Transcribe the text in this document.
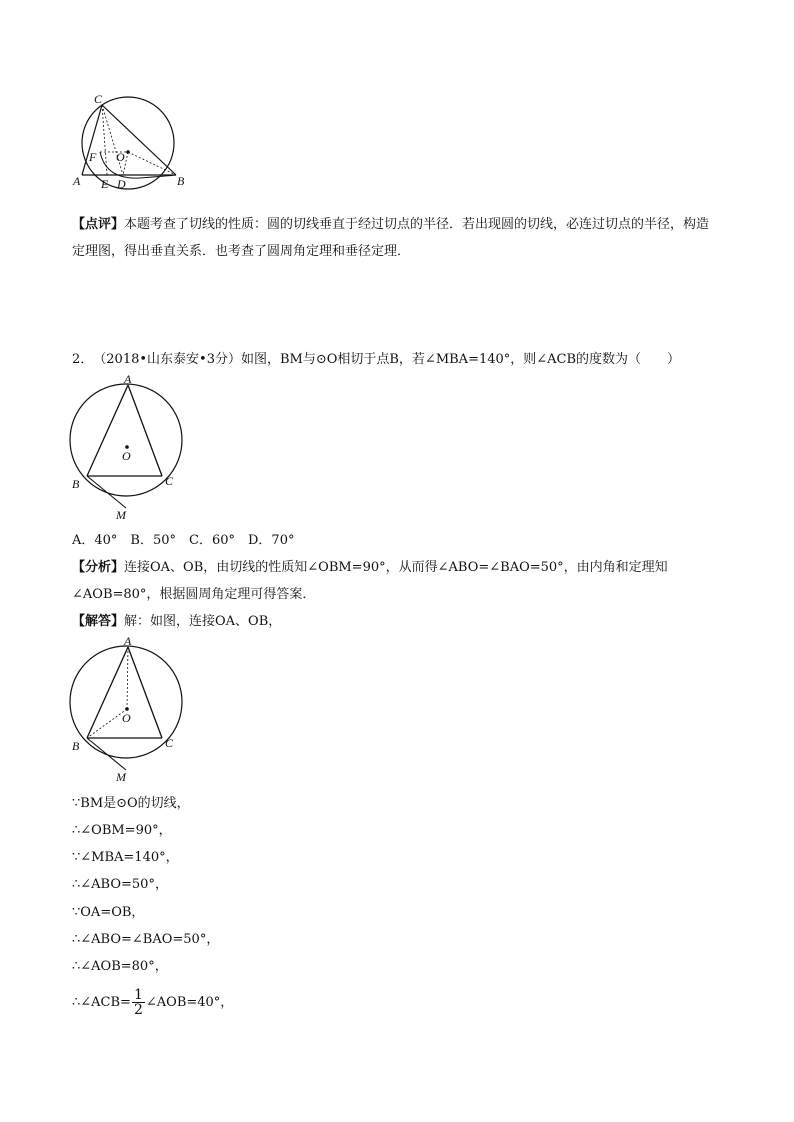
C
F O
A E D	B
【点评】本题考查了切线的性质：圆的切线垂直于经过切点的半径．若出现圆的切线，必连过切点的半径，构造定理图，得出垂直关系．也考查了圆周角定理和垂径定理．
2．　（2018•山东泰安•3分）如图，BM与⊙O相切于点B，若∠MBA=140°，则∠ACB的度数为（　　）
A
O
B	C
M
A．40°　B．50°　C．60°　D．70°
【分析】连接OA、OB，由切线的性质知∠OBM=90°，从而得∠ABO=∠BAO=50°，由内角和定理知∠AOB=80°，根据圆周角定理可得答案．
【解答】解：如图，连接OA、OB，
A
O
B	C
M
∵BM是⊙O的切线，
∴∠OBM=90°，
∵∠MBA=140°，
∴∠ABO=50°，
∵OA=OB，
∴∠ABO=∠BAO=50°，
∴∠AOB=80°，
∴∠ACB= $\frac{1}{2}$ ∠AOB=40°，
